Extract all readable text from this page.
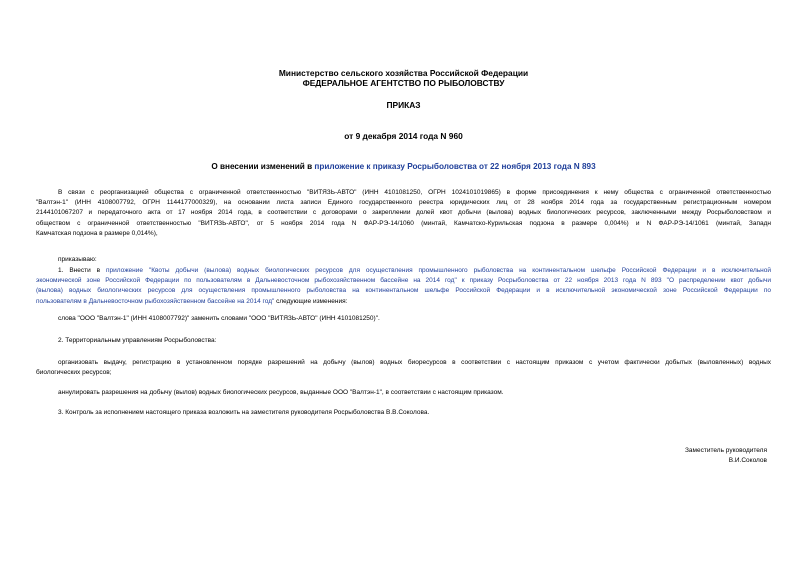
Министерство сельского хозяйства Российской Федерации
ФЕДЕРАЛЬНОЕ АГЕНТСТВО ПО РЫБОЛОВСТВУ
ПРИКАЗ
от 9 декабря 2014 года N 960
О внесении изменений в приложение к приказу Росрыболовства от 22 ноября 2013 года N 893
В связи с реорганизацией общества с ограниченной ответственностью "ВИТЯЗЬ-АВТО" (ИНН 4101081250, ОГРН 1024101019865) в форме присоединения к нему общества с ограниченной ответственностью
"Валтэн-1" (ИНН 4108007792, ОГРН 1144177000329), на основании листа записи Единого государственного реестра юридических лиц от 28 ноября 2014 года за государственным регистрационным номером
2144101067207 и передаточного акта от 17 ноября 2014 года, в соответствии с договорами о закреплении долей квот добычи (вылова) водных биологических ресурсов, заключенными между Росрыболовством и
обществом с ограниченной ответственностью "ВИТЯЗЬ-АВТО", от 5 ноября 2014 года N ФАР-РЭ-14/1060 (минтай, Камчатско-Курильская подзона в размере 0,004%) и N ФАР-РЭ-14/1061 (минтай, Западн
Камчатская подзона в размере 0,014%),
приказываю:
1. Внести в приложение "Квоты добычи (вылова) водных биологических ресурсов для осуществления промышленного рыболовства на континентальном шельфе Российской Федерации и в исключительной
экономической зоне Российской Федерации по пользователям в Дальневосточном рыбохозяйственном бассейне на 2014 год" к приказу Росрыболовства от 22 ноября 2013 года N 893 "О распределении квот добычи
(вылова) водных биологических ресурсов для осуществления промышленного рыболовства на континентальном шельфе Российской Федерации и в исключительной экономической зоне Российской Федерации по
пользователям в Дальневосточном рыбохозяйственном бассейне на 2014 год" следующие изменения:
слова "ООО "Валтэн-1" (ИНН 4108007792)" заменить словами "ООО "ВИТЯЗЬ-АВТО" (ИНН 4101081250)".
2. Территориальным управлениям Росрыболовства:
организовать выдачу, регистрацию в установленном порядке разрешений на добычу (вылов) водных биоресурсов в соответствии с настоящим приказом с учетом фактически добытых (выловленных) водных
биологических ресурсов;
аннулировать разрешения на добычу (вылов) водных биологических ресурсов, выданные ООО "Валтэн-1", в соответствии с настоящим приказом.
3. Контроль за исполнением настоящего приказа возложить на заместителя руководителя Росрыболовства В.В.Соколова.
Заместитель руководителя
В.И.Соколов
